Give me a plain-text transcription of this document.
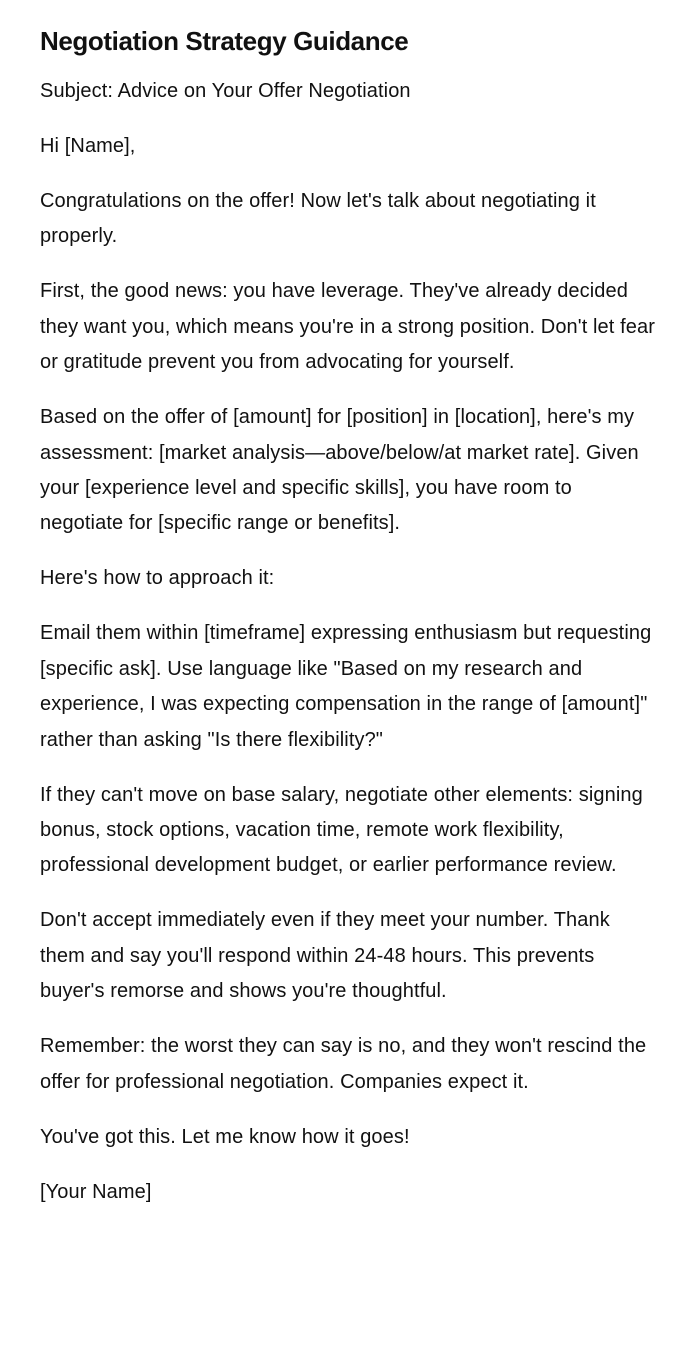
Negotiation Strategy Guidance

Subject: Advice on Your Offer Negotiation

Hi [Name],

Congratulations on the offer! Now let's talk about negotiating it properly.

First, the good news: you have leverage. They've already decided they want you, which means you're in a strong position. Don't let fear or gratitude prevent you from advocating for yourself.

Based on the offer of [amount] for [position] in [location], here's my assessment: [market analysis—above/below/at market rate]. Given your [experience level and specific skills], you have room to negotiate for [specific range or benefits].

Here's how to approach it:

Email them within [timeframe] expressing enthusiasm but requesting [specific ask]. Use language like "Based on my research and experience, I was expecting compensation in the range of [amount]" rather than asking "Is there flexibility?"

If they can't move on base salary, negotiate other elements: signing bonus, stock options, vacation time, remote work flexibility, professional development budget, or earlier performance review.

Don't accept immediately even if they meet your number. Thank them and say you'll respond within 24-48 hours. This prevents buyer's remorse and shows you're thoughtful.

Remember: the worst they can say is no, and they won't rescind the offer for professional negotiation. Companies expect it.

You've got this. Let me know how it goes!

[Your Name]
